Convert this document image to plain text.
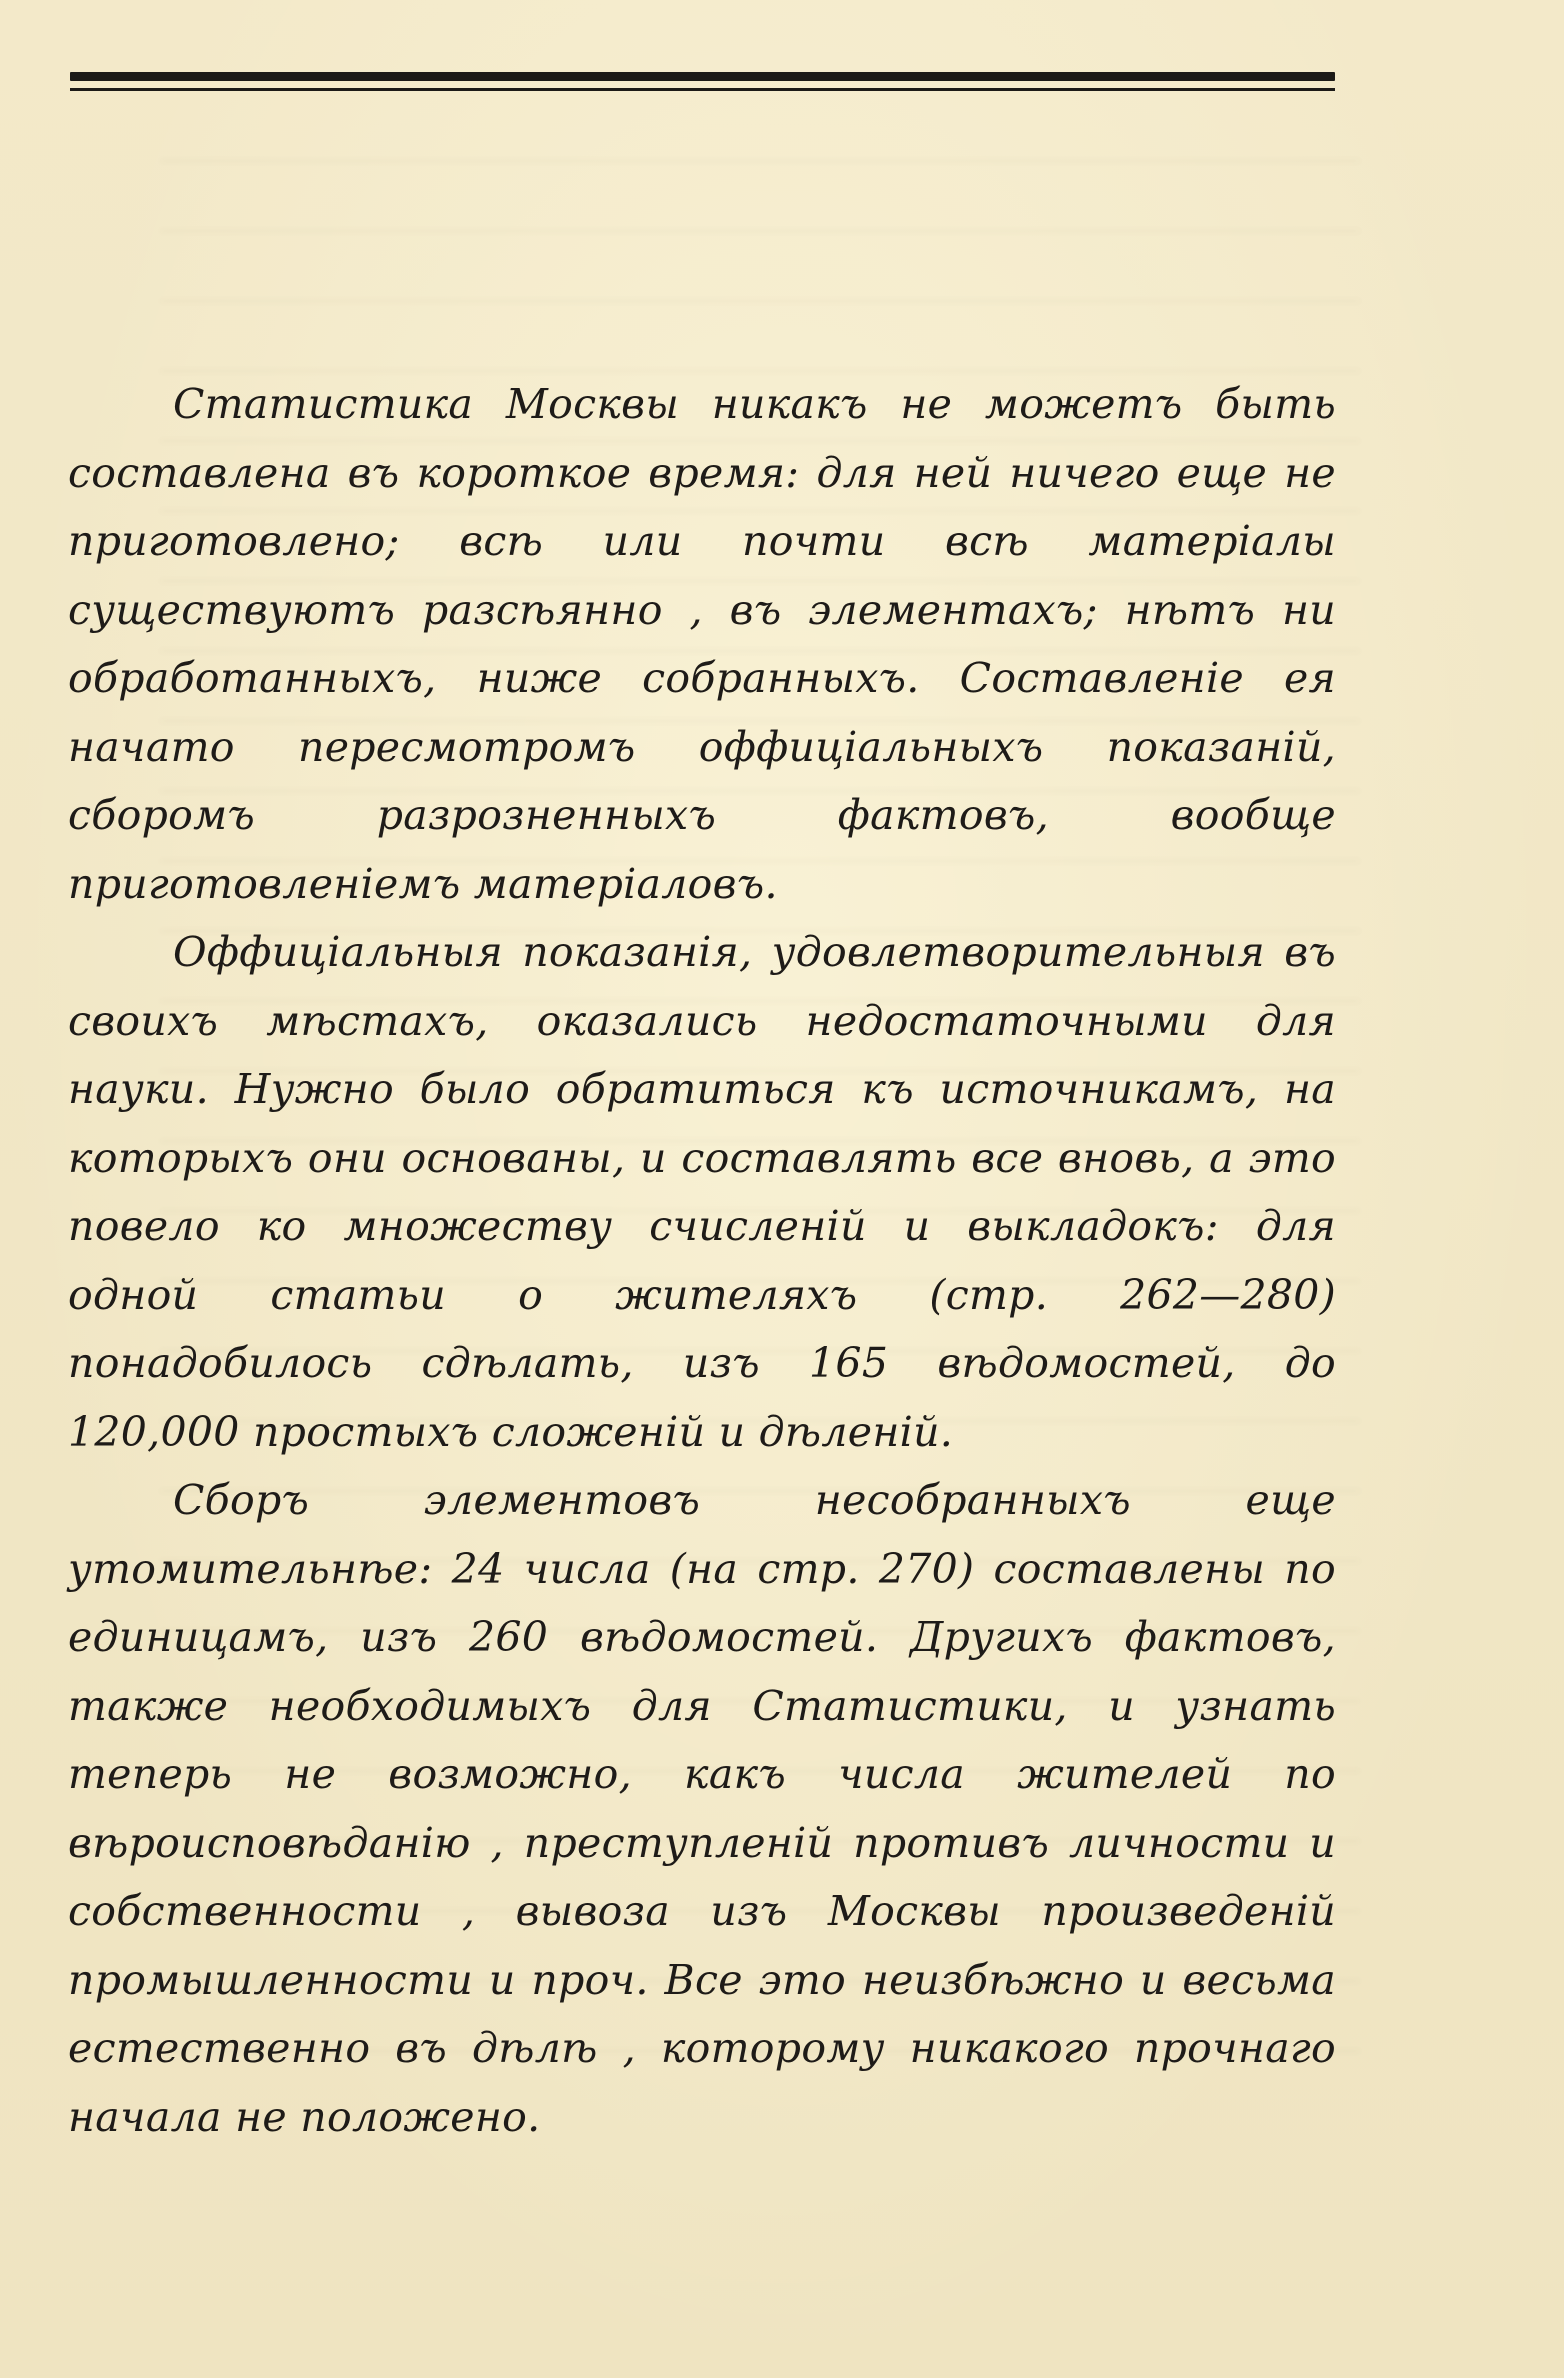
Статистика Москвы никакъ не можетъ быть составлена въ короткое время: для ней ничего еще не приготовлено; всѣ или почти всѣ матеріалы существуютъ разсѣянно , въ элементахъ; нѣтъ ни обработанныхъ, ниже собранныхъ. Составленіе ея начато пересмотромъ оффиціальныхъ показаній, сборомъ разрозненныхъ фактовъ, вообще приготовленіемъ матеріаловъ.

Оффиціальныя показанія, удовлетворительныя въ своихъ мѣстахъ, оказались недостаточными для науки. Нужно было обратиться къ источникамъ, на которыхъ они основаны, и составлять все вновь, а это повело ко множеству счисленій и выкладокъ: для одной статьи о жителяхъ (стр. 262—280) понадобилось сдѣлать, изъ 165 вѣдомостей, до 120,000 простыхъ сложеній и дѣленій.

Сборъ элементовъ несобранныхъ еще утомительнѣе: 24 числа (на стр. 270) составлены по единицамъ, изъ 260 вѣдомостей. Другихъ фактовъ, также необходимыхъ для Статистики, и узнать теперь не возможно, какъ числа жителей по вѣроисповѣданію , преступленій противъ личности и собственности , вывоза изъ Москвы произведеній промышленности и проч. Все это неизбѣжно и весьма естественно въ дѣлѣ , которому никакого прочнаго начала не положено.
